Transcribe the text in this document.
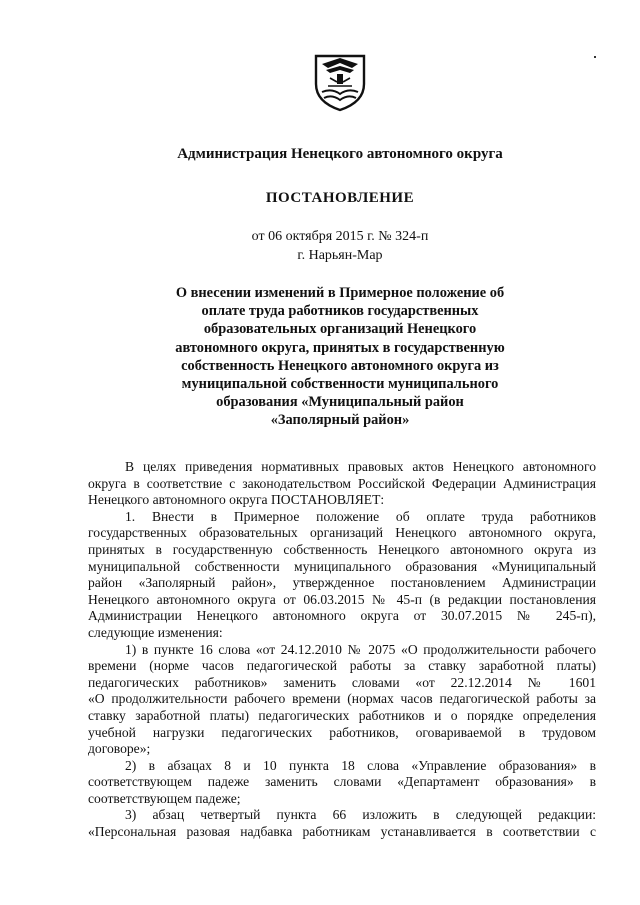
Администрация Ненецкого автономного округа
ПОСТАНОВЛЕНИЕ
от 06 октября 2015 г. № 324-п
г. Нарьян-Мар
О внесении изменений в Примерное положение об
оплате труда работников государственных
образовательных организаций Ненецкого
автономного округа, принятых в государственную
собственность Ненецкого автономного округа из
муниципальной собственности муниципального
образования «Муниципальный район
«Заполярный район»
В целях приведения нормативных правовых актов Ненецкого автономного
округа в соответствие с законодательством Российской Федерации Администрация
Ненецкого автономного округа ПОСТАНОВЛЯЕТ:
1. Внести в Примерное положение об оплате труда работников
государственных образовательных организаций Ненецкого автономного округа,
принятых в государственную собственность Ненецкого автономного округа из
муниципальной собственности муниципального образования «Муниципальный
район «Заполярный район», утвержденное постановлением Администрации
Ненецкого автономного округа от 06.03.2015 № 45-п (в редакции постановления
Администрации Ненецкого автономного округа от 30.07.2015 № 245-п),
следующие изменения:
1) в пункте 16 слова «от 24.12.2010 № 2075 «О продолжительности рабочего
времени (норме часов педагогической работы за ставку заработной платы)
педагогических работников» заменить словами «от 22.12.2014 № 1601
«О продолжительности рабочего времени (нормах часов педагогической работы за
ставку заработной платы) педагогических работников и о порядке определения
учебной нагрузки педагогических работников, оговариваемой в трудовом
договоре»;
2) в абзацах 8 и 10 пункта 18 слова «Управление образования» в
соответствующем падеже заменить словами «Департамент образования» в
соответствующем падеже;
3) абзац четвертый пункта 66 изложить в следующей редакции:
«Персональная разовая надбавка работникам устанавливается в соответствии с
